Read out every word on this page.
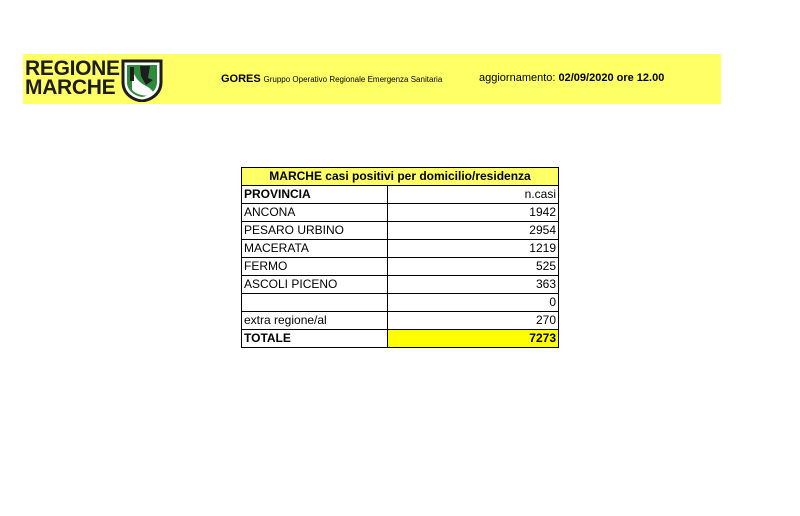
REGIONE
MARCHE	GORES Gruppo Operativo Regionale Emergenza Sanitaria	aggiornamento: 02/09/2020 ore 12.00
MARCHE casi positivi per domicilio/residenza	
PROVINCIA	n.casi
ANCONA	1942
PESARO URBINO	2954
MACERATA	1219
FERMO	525
ASCOLI PICENO	363
	0
extra regione/al	270
TOTALE	7273
